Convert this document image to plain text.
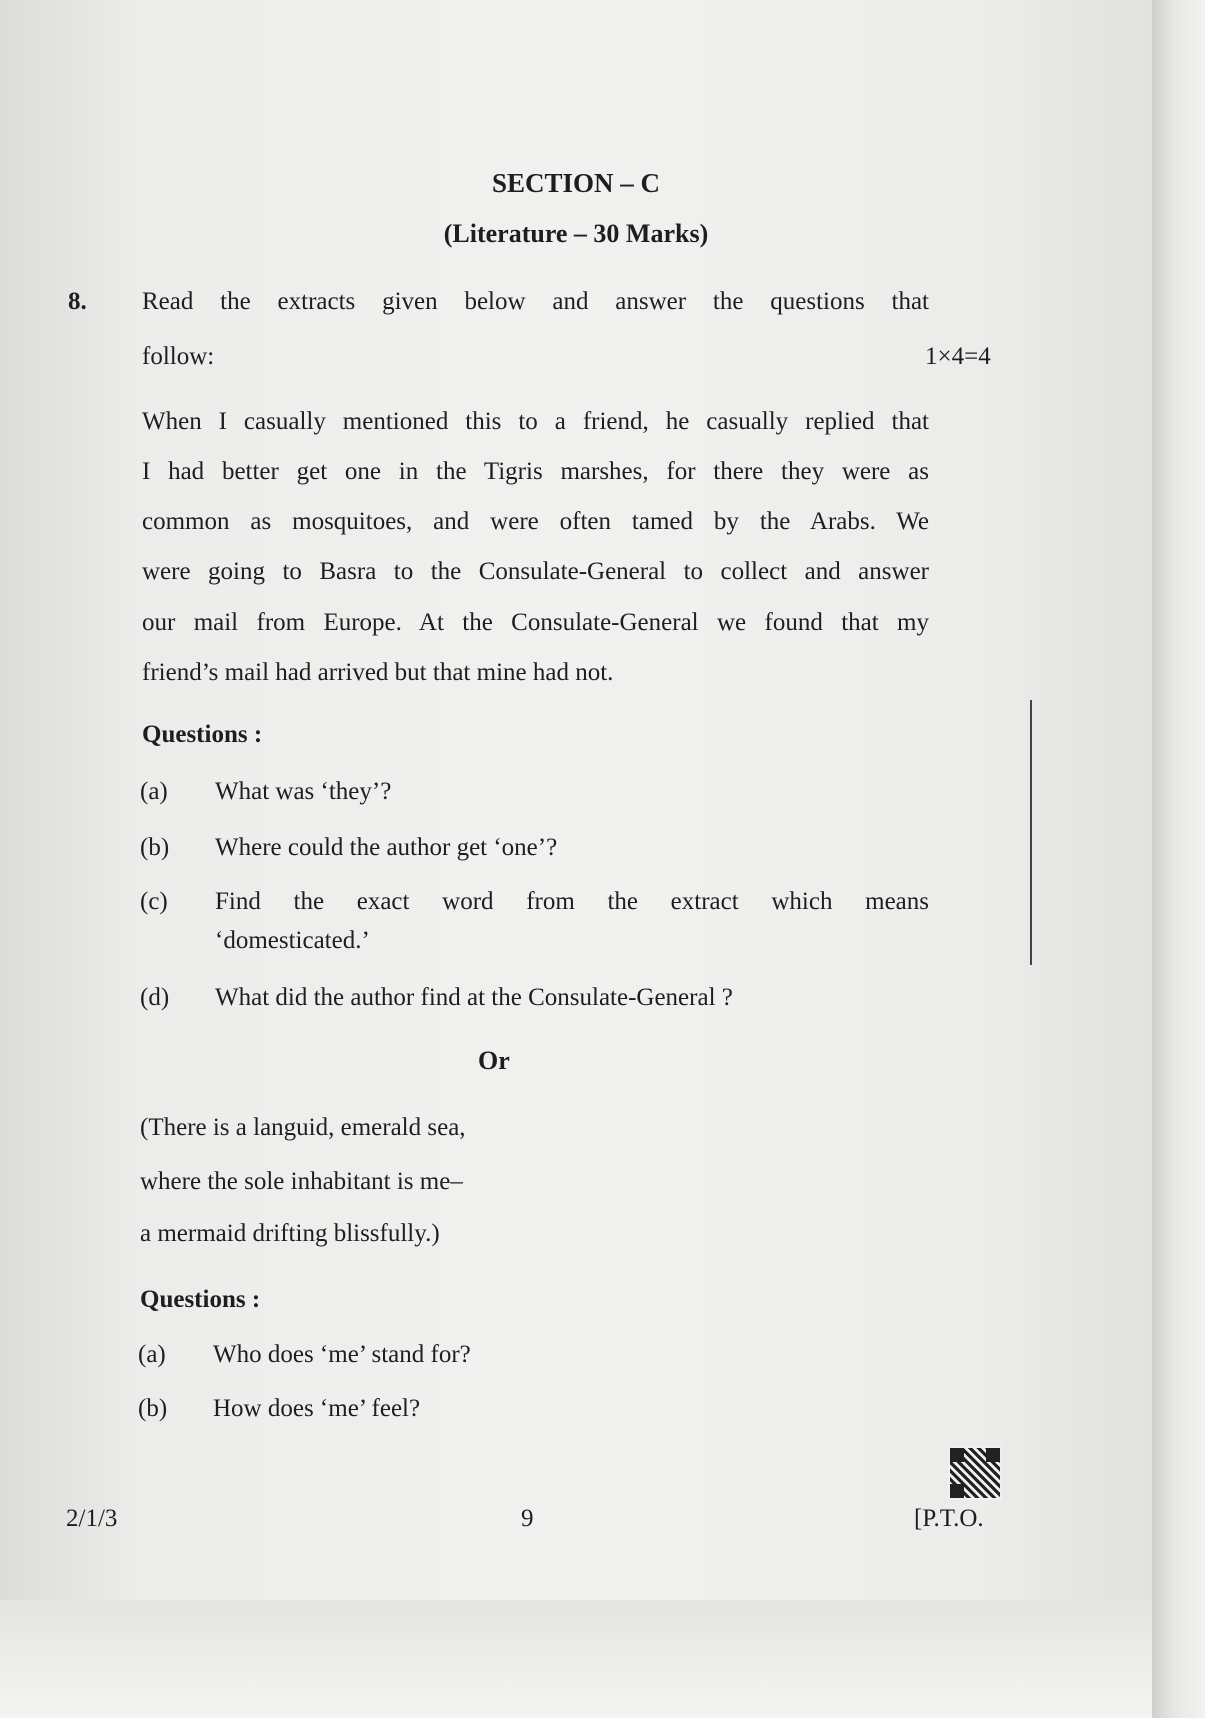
SECTION – C
(Literature – 30 Marks)
8. Read the extracts given below and answer the questions that
follow:	1×4=4
When I casually mentioned this to a friend, he casually replied that
I had better get one in the Tigris marshes, for there they were as
common as mosquitoes, and were often tamed by the Arabs. We
were going to Basra to the Consulate-General to collect and answer
our mail from Europe. At the Consulate-General we found that my
friend’s mail had arrived but that mine had not.
Questions :
(a) What was ‘they’?
(b) Where could the author get ‘one’?
(c) Find the exact word from the extract which means
‘domesticated.’
(d) What did the author find at the Consulate-General ?
Or
(There is a languid, emerald sea,
where the sole inhabitant is me–
a mermaid drifting blissfully.)
Questions :
(a) Who does ‘me’ stand for?
(b) How does ‘me’ feel?
2/1/3	9	[P.T.O.
